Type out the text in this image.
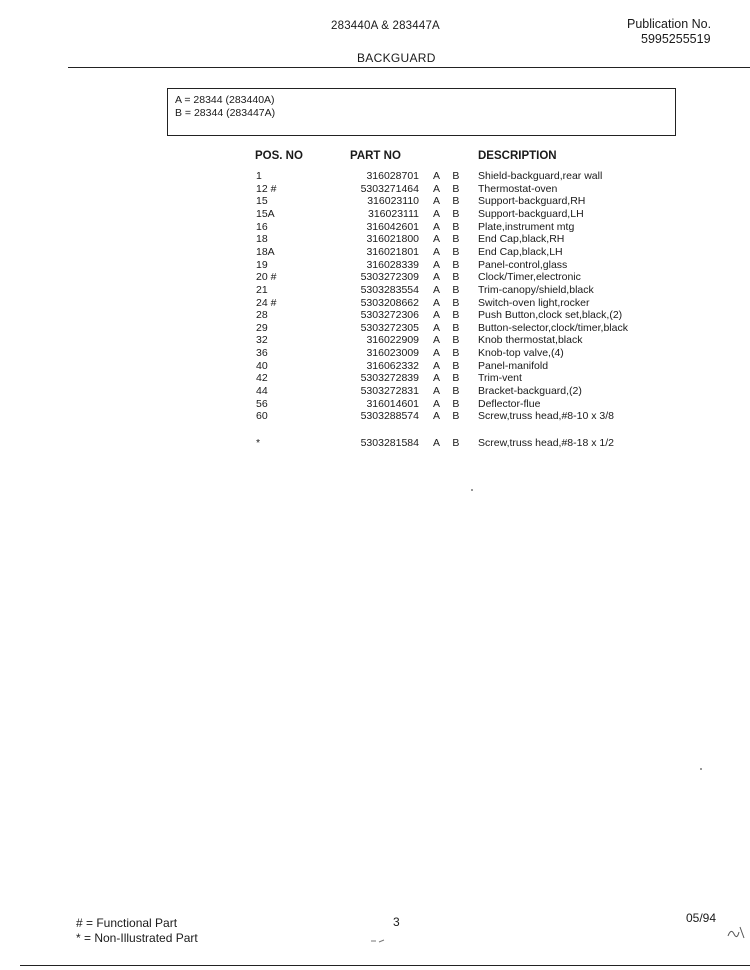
283440A & 283447A	Publication No.
5995255519
BACKGUARD
A = 28344 (283440A)
B = 28344 (283447A)
POS. NO	PART NO	DESCRIPTION
1	316028701 A B Shield-backguard,rear wall
12 #	5303271464 A B Thermostat-oven
15	316023110 A B Support-backguard,RH
15A	316023111 A B Support-backguard,LH
16	316042601 A B Plate,instrument mtg
18	316021800 A B End Cap,black,RH
18A	316021801 A B End Cap,black,LH
19	316028339 A B Panel-control,glass
20 #	5303272309 A B Clock/Timer,electronic
21	5303283554 A B Trim-canopy/shield,black
24 #	5303208662 A B Switch-oven light,rocker
28	5303272306 A B Push Button,clock set,black,(2)
29	5303272305 A B Button-selector,clock/timer,black
32	316022909 A B Knob thermostat,black
36	316023009 A B Knob-top valve,(4)
40	316062332 A B Panel-manifold
42	5303272839 A B Trim-vent
44	5303272831 A B Bracket-backguard,(2)
56	316014601 A B Deflector-flue
60	5303288574 A B Screw,truss head,#8-10 x 3/8
*	5303281584 A B Screw,truss head,#8-18 x 1/2
# = Functional Part
* = Non-Illustrated Part
3	05/94
